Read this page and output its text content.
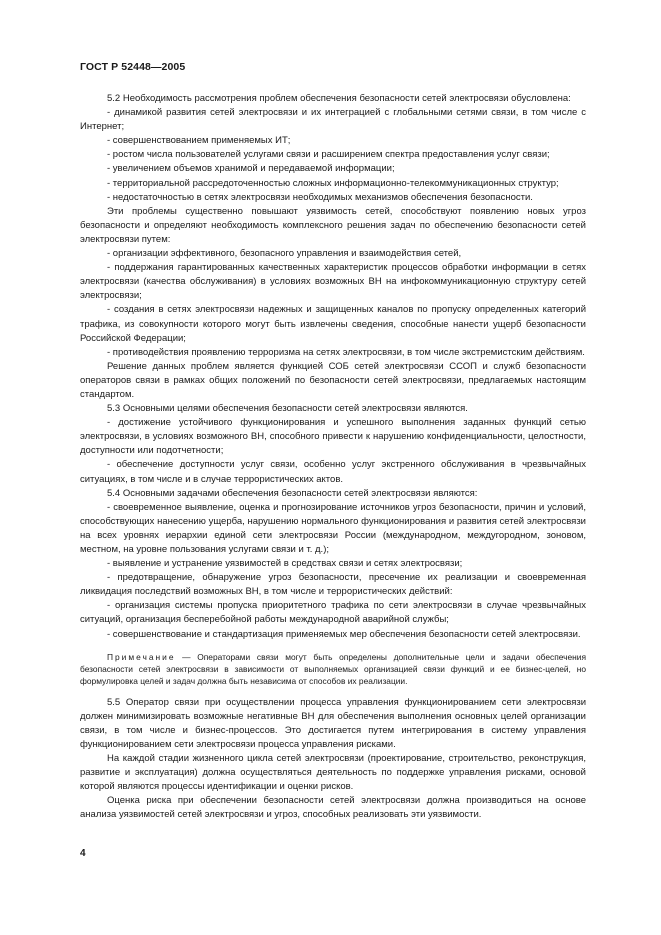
ГОСТ Р 52448—2005

5.2 Необходимость рассмотрения проблем обеспечения безопасности сетей электросвязи обусловлена:

- динамикой развития сетей электросвязи и их интеграцией с глобальными сетями связи, в том числе с Интернет;

- совершенствованием применяемых ИТ;

- ростом числа пользователей услугами связи и расширением спектра предоставления услуг связи;

- увеличением объемов хранимой и передаваемой информации;

- территориальной рассредоточенностью сложных информационно-телекоммуникационных структур;

- недостаточностью в сетях электросвязи необходимых механизмов обеспечения безопасности.

Эти проблемы существенно повышают уязвимость сетей, способствуют появлению новых угроз безопасности и определяют необходимость комплексного решения задач по обеспечению безопасности сетей электросвязи путем:

- организации эффективного, безопасного управления и взаимодействия сетей,

- поддержания гарантированных качественных характеристик процессов обработки информации в сетях электросвязи (качества обслуживания) в условиях возможных ВН на инфокоммуникационную структуру сетей электросвязи;

- создания в сетях электросвязи надежных и защищенных каналов по пропуску определенных категорий трафика, из совокупности которого могут быть извлечены сведения, способные нанести ущерб безопасности Российской Федерации;

- противодействия проявлению терроризма на сетях электросвязи, в том числе экстремистским действиям.

Решение данных проблем является функцией СОБ сетей электросвязи ССОП и служб безопасности операторов связи в рамках общих положений по безопасности сетей электросвязи, предлагаемых настоящим стандартом.

5.3 Основными целями обеспечения безопасности сетей электросвязи являются.

- достижение устойчивого функционирования и успешного выполнения заданных функций сетью электросвязи, в условиях возможного ВН, способного привести к нарушению конфиденциальности, целостности, доступности или подотчетности;

- обеспечение доступности услуг связи, особенно услуг экстренного обслуживания в чрезвычайных ситуациях, в том числе и в случае террористических актов.

5.4 Основными задачами обеспечения безопасности сетей электросвязи являются:

- своевременное выявление, оценка и прогнозирование источников угроз безопасности, причин и условий, способствующих нанесению ущерба, нарушению нормального функционирования и развития сетей электросвязи на всех уровнях иерархии единой сети электросвязи России (международном, междугородном, зоновом, местном, на уровне пользования услугами связи и т. д.);

- выявление и устранение уязвимостей в средствах связи и сетях электросвязи;

- предотвращение, обнаружение угроз безопасности, пресечение их реализации и своевременная ликвидация последствий возможных ВН, в том числе и террористических действий:

- организация системы пропуска приоритетного трафика по сети электросвязи в случае чрезвычайных ситуаций, организация бесперебойной работы международной аварийной службы;

- совершенствование и стандартизация применяемых мер обеспечения безопасности сетей электросвязи.

Примечание — Операторами связи могут быть определены дополнительные цели и задачи обеспечения безопасности сетей электросвязи в зависимости от выполняемых организацией связи функций и ее бизнес-целей, но формулировка целей и задач должна быть независима от способов их реализации.

5.5 Оператор связи при осуществлении процесса управления функционированием сети электросвязи должен минимизировать возможные негативные ВН для обеспечения выполнения основных целей организации связи, в том числе и бизнес-процессов. Это достигается путем интегрирования в систему управления функционированием сети электросвязи процесса управления рисками.

На каждой стадии жизненного цикла сетей электросвязи (проектирование, строительство, реконструкция, развитие и эксплуатация) должна осуществляться деятельность по поддержке управления рисками, основой которой являются процессы идентификации и оценки рисков.

Оценка риска при обеспечении безопасности сетей электросвязи должна производиться на основе анализа уязвимостей сетей электросвязи и угроз, способных реализовать эти уязвимости.

4
